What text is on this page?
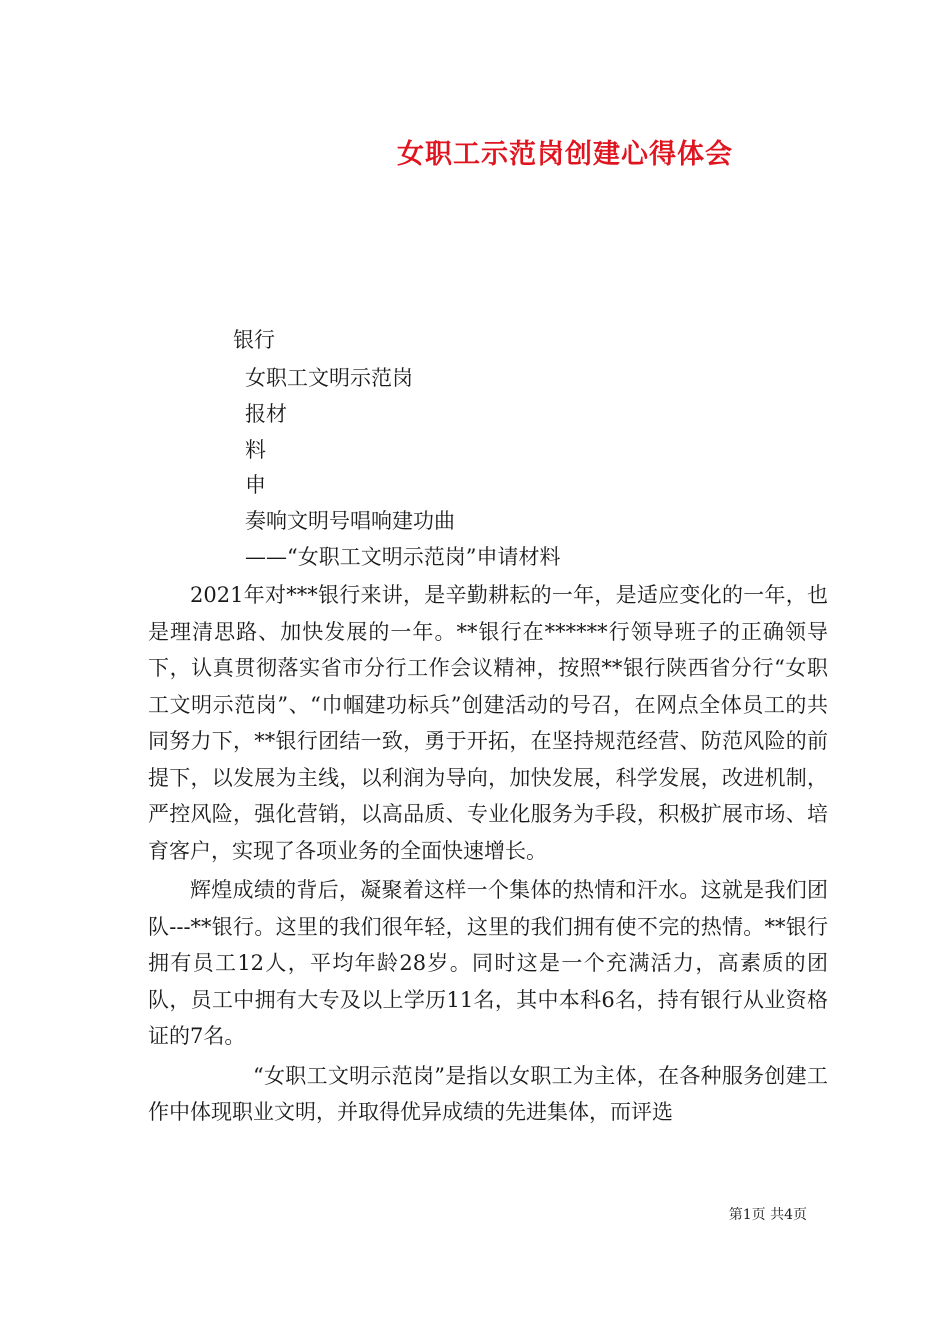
女职工示范岗创建心得体会
银行
女职工文明示范岗
报材
料
申
奏响文明号唱响建功曲
——“女职工文明示范岗”申请材料

2021年对***银行来讲，是辛勤耕耘的一年，是适应变化的一年，也是理清思路、加快发展的一年。**银行在******行领导班子的正确领导下，认真贯彻落实省市分行工作会议精神，按照**银行陕西省分行“女职工文明示范岗”、“巾帼建功标兵”创建活动的号召，在网点全体员工的共同努力下，**银行团结一致，勇于开拓，在坚持规范经营、防范风险的前提下，以发展为主线，以利润为导向，加快发展，科学发展，改进机制，严控风险，强化营销，以高品质、专业化服务为手段，积极扩展市场、培育客户，实现了各项业务的全面快速增长。

辉煌成绩的背后，凝聚着这样一个集体的热情和汗水。这就是我们团队---**银行。这里的我们很年轻，这里的我们拥有使不完的热情。**银行拥有员工12人，平均年龄28岁。同时这是一个充满活力，高素质的团队，员工中拥有大专及以上学历11名，其中本科6名，持有银行从业资格证的7名。

“女职工文明示范岗”是指以女职工为主体，在各种服务创建工作中体现职业文明，并取得优异成绩的先进集体，而评选

第1页 共4页
